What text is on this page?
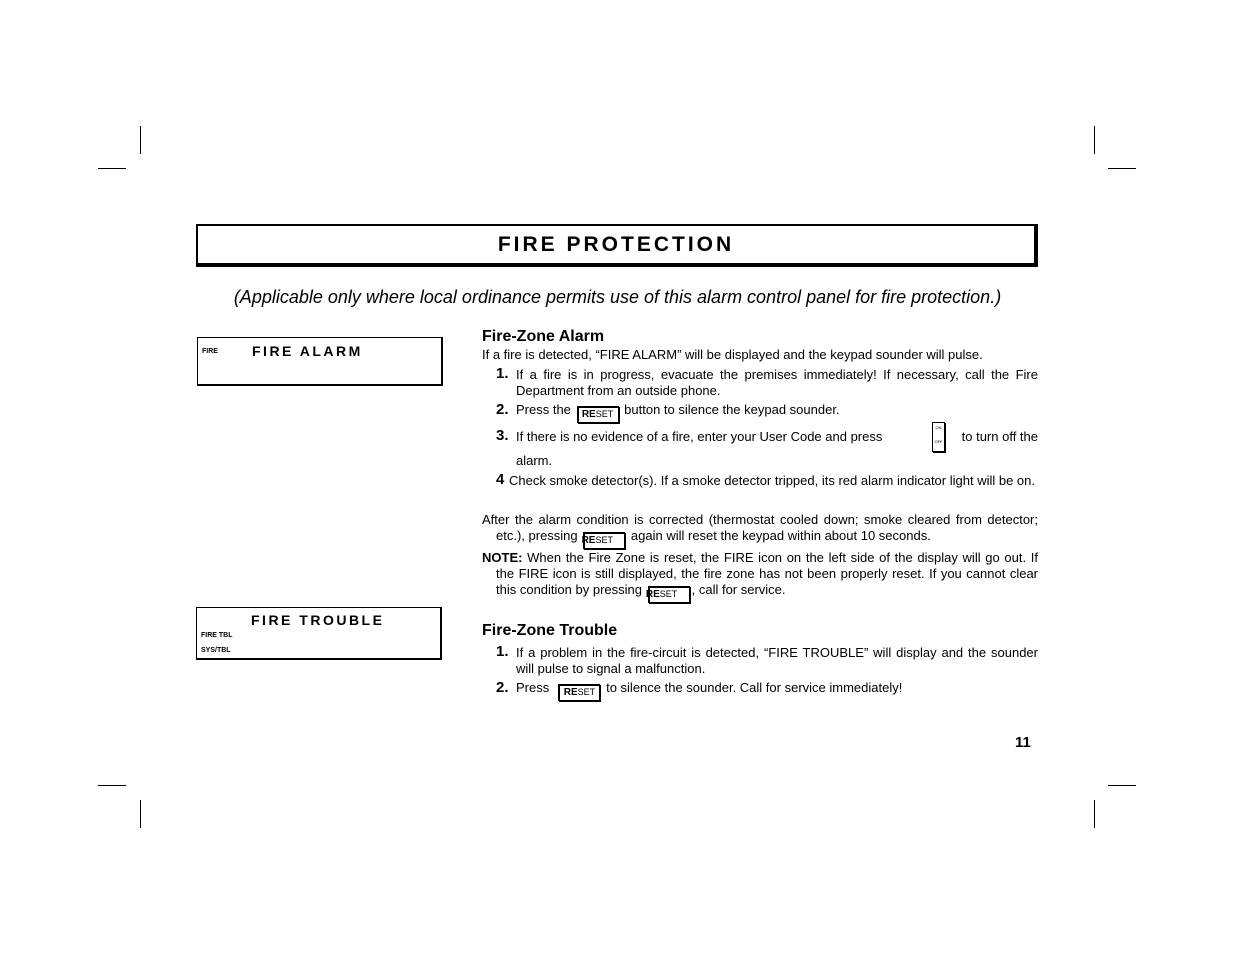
FIRE PROTECTION
(Applicable only where local ordinance permits use of this alarm control panel for fire protection.)
FIRE FIRE ALARM
FIRE TROUBLE
FIRE TBL
SYS/TBL
Fire-Zone Alarm
If a fire is detected, “FIRE ALARM” will be displayed and the keypad sounder will pulse.
1. If a fire is in progress, evacuate the premises immediately! If necessary, call the Fire Department from an outside phone.
2. Press the RESET button to silence the keypad sounder.
3. If there is no evidence of a fire, enter your User Code and press
ON
OFF	to turn off the
alarm.
4 Check smoke detector(s). If a smoke detector tripped, its red alarm indicator light will be on.
After the alarm condition is corrected (thermostat cooled down; smoke cleared from detector; etc.), pressing RESET again will reset the keypad within about 10 seconds.
NOTE: When the Fire Zone is reset, the FIRE icon on the left side of the display will go out. If the FIRE icon is still displayed, the fire zone has not been properly reset. If you cannot clear this condition by pressing RESET , call for service.
Fire-Zone Trouble
1. If a problem in the fire-circuit is detected, “FIRE TROUBLE” will display and the sounder will pulse to signal a malfunction.
2. Press RESET to silence the sounder. Call for service immediately!
11
